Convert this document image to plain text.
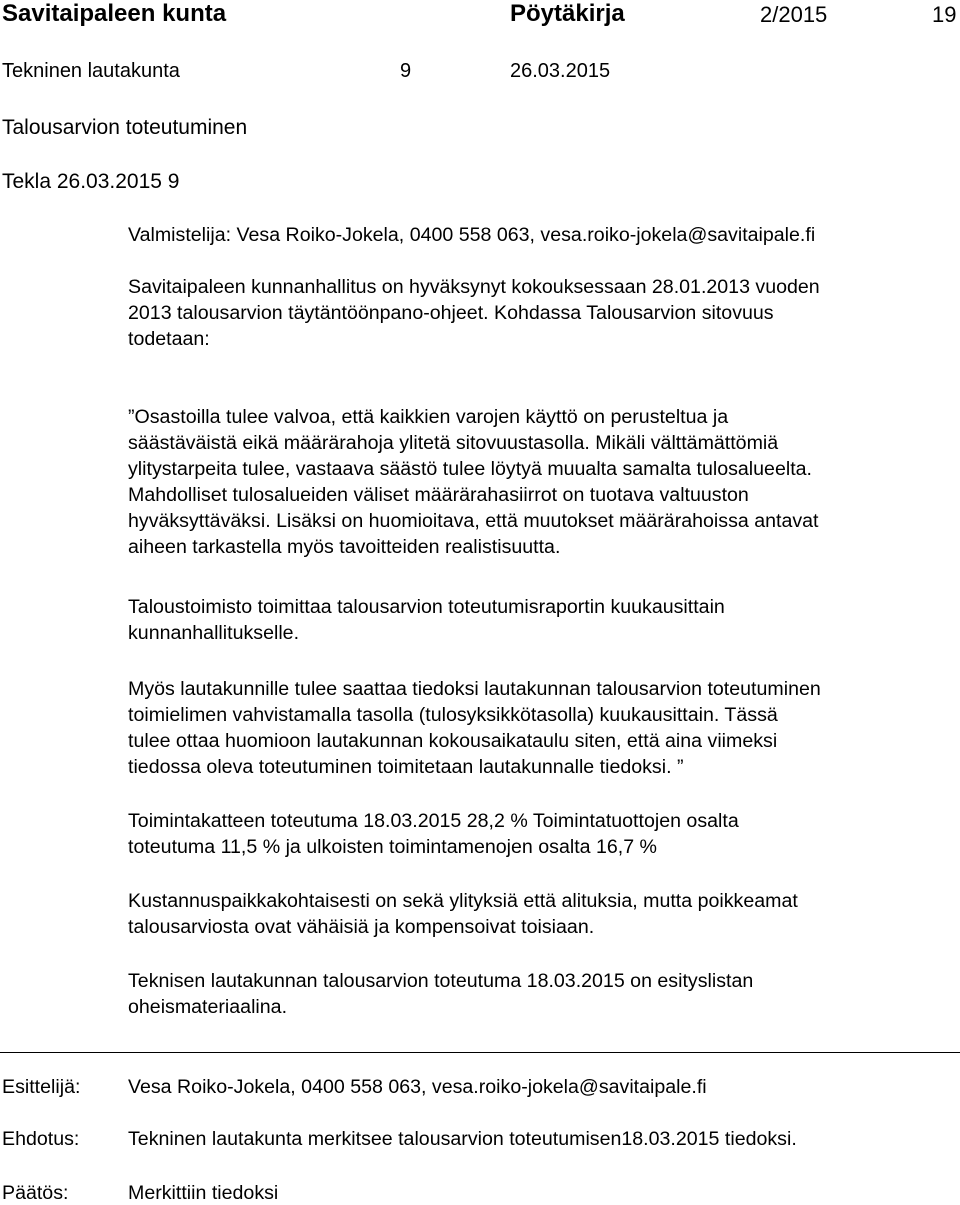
Savitaipaleen kunta	Pöytäkirja	2/2015	19
Tekninen lautakunta	9	26.03.2015
Talousarvion toteutuminen
Tekla 26.03.2015 9
Valmistelija: Vesa Roiko-Jokela, 0400 558 063, vesa.roiko-jokela@savitaipale.fi
Savitaipaleen kunnanhallitus on hyväksynyt kokouksessaan 28.01.2013 vuoden
2013 talousarvion täytäntöönpano-ohjeet. Kohdassa Talousarvion sitovuus
todetaan:
”Osastoilla tulee valvoa, että kaikkien varojen käyttö on perusteltua ja
säästäväistä eikä määrärahoja ylitetä sitovuustasolla. Mikäli välttämättömiä
ylitystarpeita tulee, vastaava säästö tulee löytyä muualta samalta tulosalueelta.
Mahdolliset tulosalueiden väliset määrärahasiirrot on tuotava valtuuston
hyväksyttäväksi. Lisäksi on huomioitava, että muutokset määrärahoissa antavat
aiheen tarkastella myös tavoitteiden realistisuutta.
Taloustoimisto toimittaa talousarvion toteutumisraportin kuukausittain
kunnanhallitukselle.
Myös lautakunnille tulee saattaa tiedoksi lautakunnan talousarvion toteutuminen
toimielimen vahvistamalla tasolla (tulosyksikkötasolla) kuukausittain. Tässä
tulee ottaa huomioon lautakunnan kokousaikataulu siten, että aina viimeksi
tiedossa oleva toteutuminen toimitetaan lautakunnalle tiedoksi. ”
Toimintakatteen toteutuma 18.03.2015 28,2 % Toimintatuottojen osalta
toteutuma 11,5 % ja ulkoisten toimintamenojen osalta 16,7 %
Kustannuspaikkakohtaisesti on sekä ylityksiä että alituksia, mutta poikkeamat
talousarviosta ovat vähäisiä ja kompensoivat toisiaan.
Teknisen lautakunnan talousarvion toteutuma 18.03.2015 on esityslistan
oheismateriaalina.
Esittelijä: Vesa Roiko-Jokela, 0400 558 063, vesa.roiko-jokela@savitaipale.fi
Ehdotus: Tekninen lautakunta merkitsee talousarvion toteutumisen18.03.2015 tiedoksi.
Päätös:	Merkittiin tiedoksi
